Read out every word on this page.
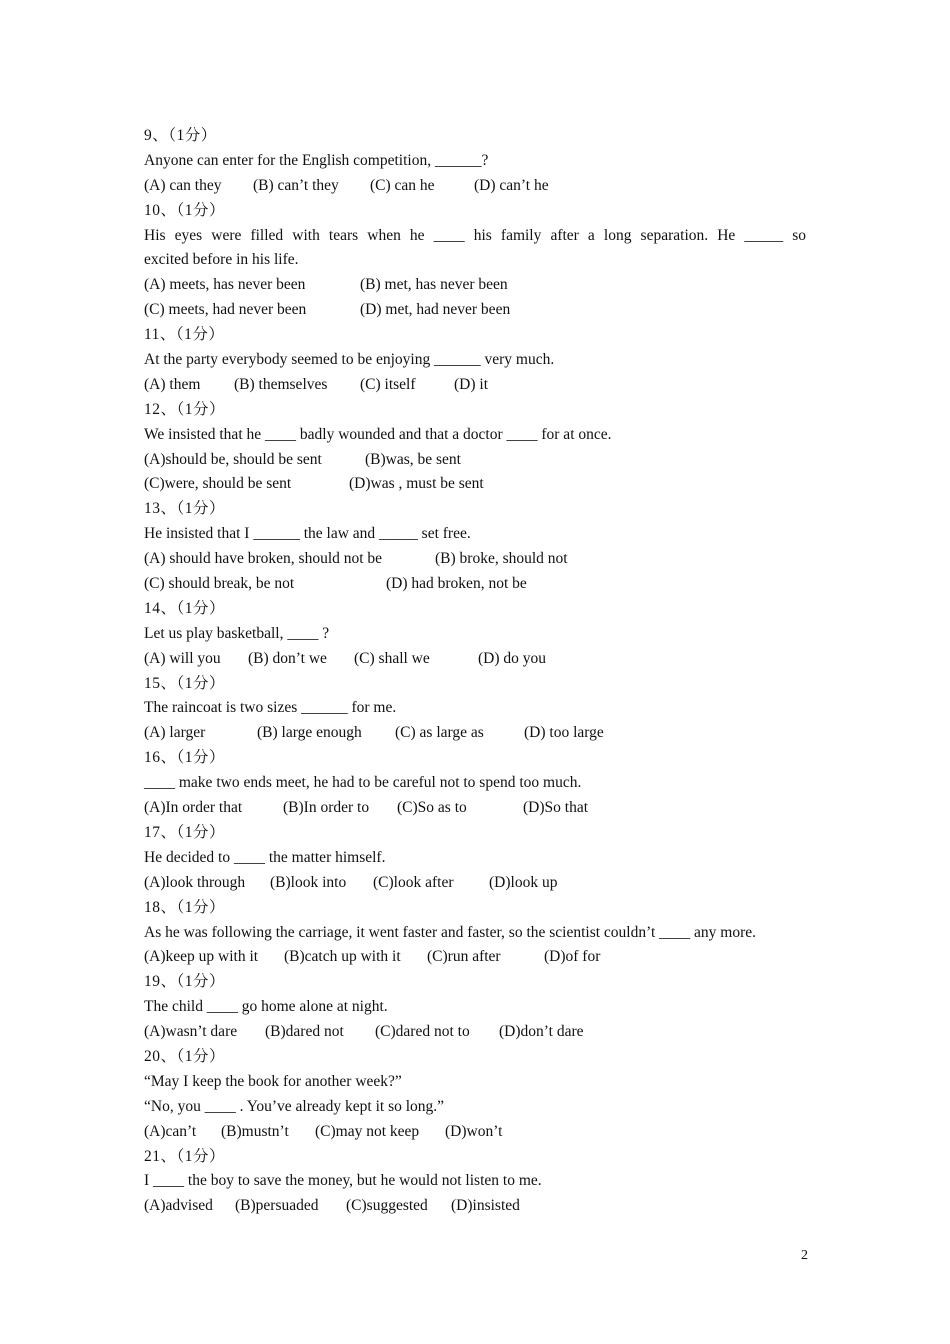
9、（1分）
Anyone can enter for the English competition, ______?
(A) can they (B) can’t they (C) can he	(D) can’t he
10、（1分）
His eyes were filled with tears when he ____ his family after a long separation. He _____ so
excited before in his life.
(A) meets, has never been	(B) met, has never been
(C) meets, had never been	(D) met, had never been
11、（1分）
At the party everybody seemed to be enjoying ______ very much.
(A) them (B) themselves (C) itself (D) it
12、（1分）
We insisted that he ____ badly wounded and that a doctor ____ for at once.
(A)should be, should be sent	(B)was, be sent
(C)were, should be sent	(D)was , must be sent
13、（1分）
He insisted that I ______ the law and _____ set free.
(A) should have broken, should not be	(B) broke, should not
(C) should break, be not	(D) had broken, not be
14、（1分）
Let us play basketball, ____ ?
(A) will you (B) don’t we (C) shall we	(D) do you
15、（1分）
The raincoat is two sizes ______ for me.
(A) larger	(B) large enough (C) as large as	(D) too large
16、（1分）
____ make two ends meet, he had to be careful not to spend too much.
(A)In order that	(B)In order to (C)So as to	(D)So that
17、（1分）
He decided to ____ the matter himself.
(A)look through (B)look into (C)look after (D)look up
18、（1分）
As he was following the carriage, it went faster and faster, so the scientist couldn’t ____ any more.
(A)keep up with it (B)catch up with it (C)run after	(D)of for
19、（1分）
The child ____ go home alone at night.
(A)wasn’t dare (B)dared not (C)dared not to (D)don’t dare
20、（1分）
“May I keep the book for another week?”
“No, you ____ . You’ve already kept it so long.”
(A)can’t (B)mustn’t (C)may not keep (D)won’t
21、（1分）
I ____ the boy to save the money, but he would not listen to me.
(A)advised (B)persuaded (C)suggested (D)insisted
2
